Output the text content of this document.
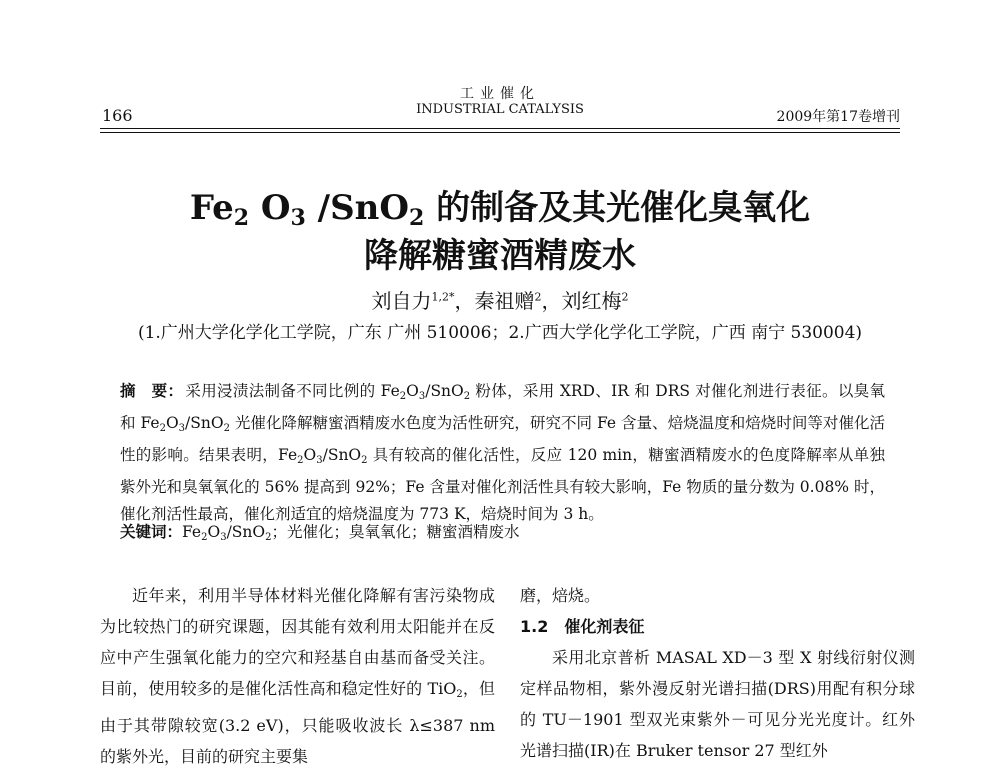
166
工业催化
INDUSTRIAL CATALYSIS	2009年第17卷增刊
$Fe_2$ $O_3$ /SnO$_2$ 的制备及其光催化臭氧化
降解糖蜜酒精废水
刘自力$^{1,2*}$，秦祖赠$^2$，刘红梅$^2$
(1.广州大学化学化工学院，广东 广州 510006；2.广西大学化学化工学院，广西 南宁 530004)
摘　要： 采用浸渍法制备不同比例的 $Fe_2O_3/SnO_2$ 粉体，采用 XRD、IR 和 DRS 对催化剂进行表征。以臭氧和 $Fe_2O_3/SnO_2$ 光催化降解糖蜜酒精废水色度为活性研究，研究不同 Fe 含量、焙烧温度和焙烧时间等对催化活性的影响。结果表明，$Fe_2O_3/SnO_2$ 具有较高的催化活性，反应 120 min，糖蜜酒精废水的色度降解率从单独紫外光和臭氧氧化的 56% 提高到 92%；Fe 含量对催化剂活性具有较大影响，Fe 物质的量分数为 0.08% 时，催化剂活性最高，催化剂适宜的焙烧温度为 773 K，焙烧时间为 3 h。
关键词：$Fe_2O_3/SnO_2$；光催化；臭氧氧化；糖蜜酒精废水

近年来，利用半导体材料光催化降解有害污染物成为比较热门的研究课题，因其能有效利用太阳能并在反应中产生强氧化能力的空穴和羟基自由基而备受关注。目前，使用较多的是催化活性高和稳定性好的 TiO$_2$，但由于其带隙较宽(3.2 eV)，只能吸收波长 λ≤387 nm 的紫外光，目前的研究主要集

磨，焙烧。

1.2　催化剂表征

采用北京普析 MASAL XD－3 型 X 射线衍射仪测定样品物相，紫外漫反射光谱扫描(DRS)用配有积分球的 TU－1901 型双光束紫外－可见分光光度计。红外光谱扫描(IR)在 Bruker tensor 27 型红外
